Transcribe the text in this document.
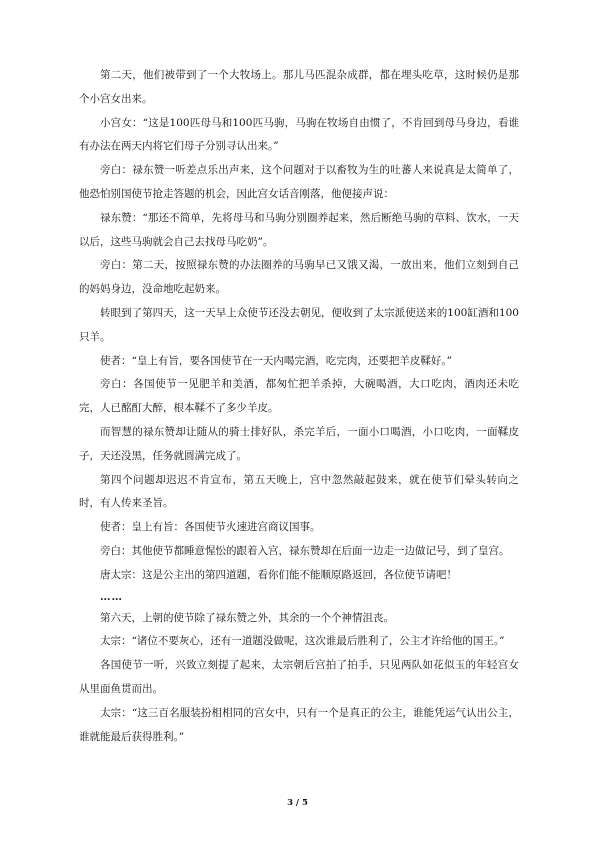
第二天，他们被带到了一个大牧场上。那儿马匹混杂成群，都在埋头吃草，这时候仍是那个小宫女出来。

小宫女：“这是100匹母马和100匹马驹，马驹在牧场自由惯了，不肯回到母马身边，看谁有办法在两天内将它们母子分别寻认出来。”

旁白：禄东赞一听差点乐出声来，这个问题对于以畜牧为生的吐蕃人来说真是太简单了，他恐怕别国使节抢走答题的机会，因此宫女话音刚落，他便接声说：

禄东赞：“那还不简单，先将母马和马驹分别圈养起来，然后断绝马驹的草料、饮水，一天以后，这些马驹就会自己去找母马吃奶”。

旁白：第二天，按照禄东赞的办法圈养的马驹早已又饿又渴，一放出来，他们立刻到自己的妈妈身边，没命地吃起奶来。

转眼到了第四天，这一天早上众使节还没去朝见，便收到了太宗派使送来的100缸酒和100只羊。

使者：“皇上有旨，要各国使节在一天内喝完酒，吃完肉，还要把羊皮鞣好。”

旁白：各国使节一见肥羊和美酒，都匆忙把羊杀掉，大碗喝酒，大口吃肉，酒肉还未吃完，人已酩酊大醉，根本鞣不了多少羊皮。

而智慧的禄东赞却让随从的骑士排好队，杀完羊后，一面小口喝酒，小口吃肉，一面鞣皮子，天还没黑，任务就圆满完成了。

第四个问题却迟迟不肯宣布，第五天晚上，宫中忽然敲起鼓来，就在使节们晕头转向之时，有人传来圣旨。

使者：皇上有旨：各国使节火速进宫商议国事。

旁白：其他使节都睡意惺忪的跟着入宫，禄东赞却在后面一边走一边做记号，到了皇宫。

唐太宗：这是公主出的第四道题，看你们能不能顺原路返回，各位使节请吧！

……

第六天，上朝的使节除了禄东赞之外，其余的一个个神情沮丧。

太宗：“诸位不要灰心，还有一道题没做呢，这次谁最后胜利了，公主才许给他的国王。”

各国使节一听，兴致立刻提了起来，太宗朝后宫拍了拍手，只见两队如花似玉的年轻宫女从里面鱼贯而出。

太宗：“这三百名服装扮相相同的宫女中，只有一个是真正的公主，谁能凭运气认出公主，谁就能最后获得胜利。”

3 / 5
